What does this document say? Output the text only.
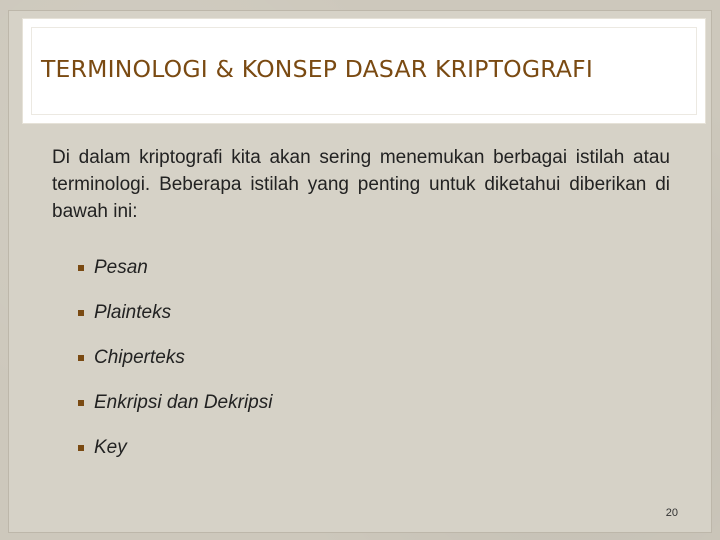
TERMINOLOGI & KONSEP DASAR KRIPTOGRAFI

Di dalam kriptografi kita akan sering menemukan berbagai istilah atau terminologi. Beberapa istilah yang penting untuk diketahui diberikan di bawah ini:

Pesan
Plainteks
Chiperteks
Enkripsi dan Dekripsi
Key
20
